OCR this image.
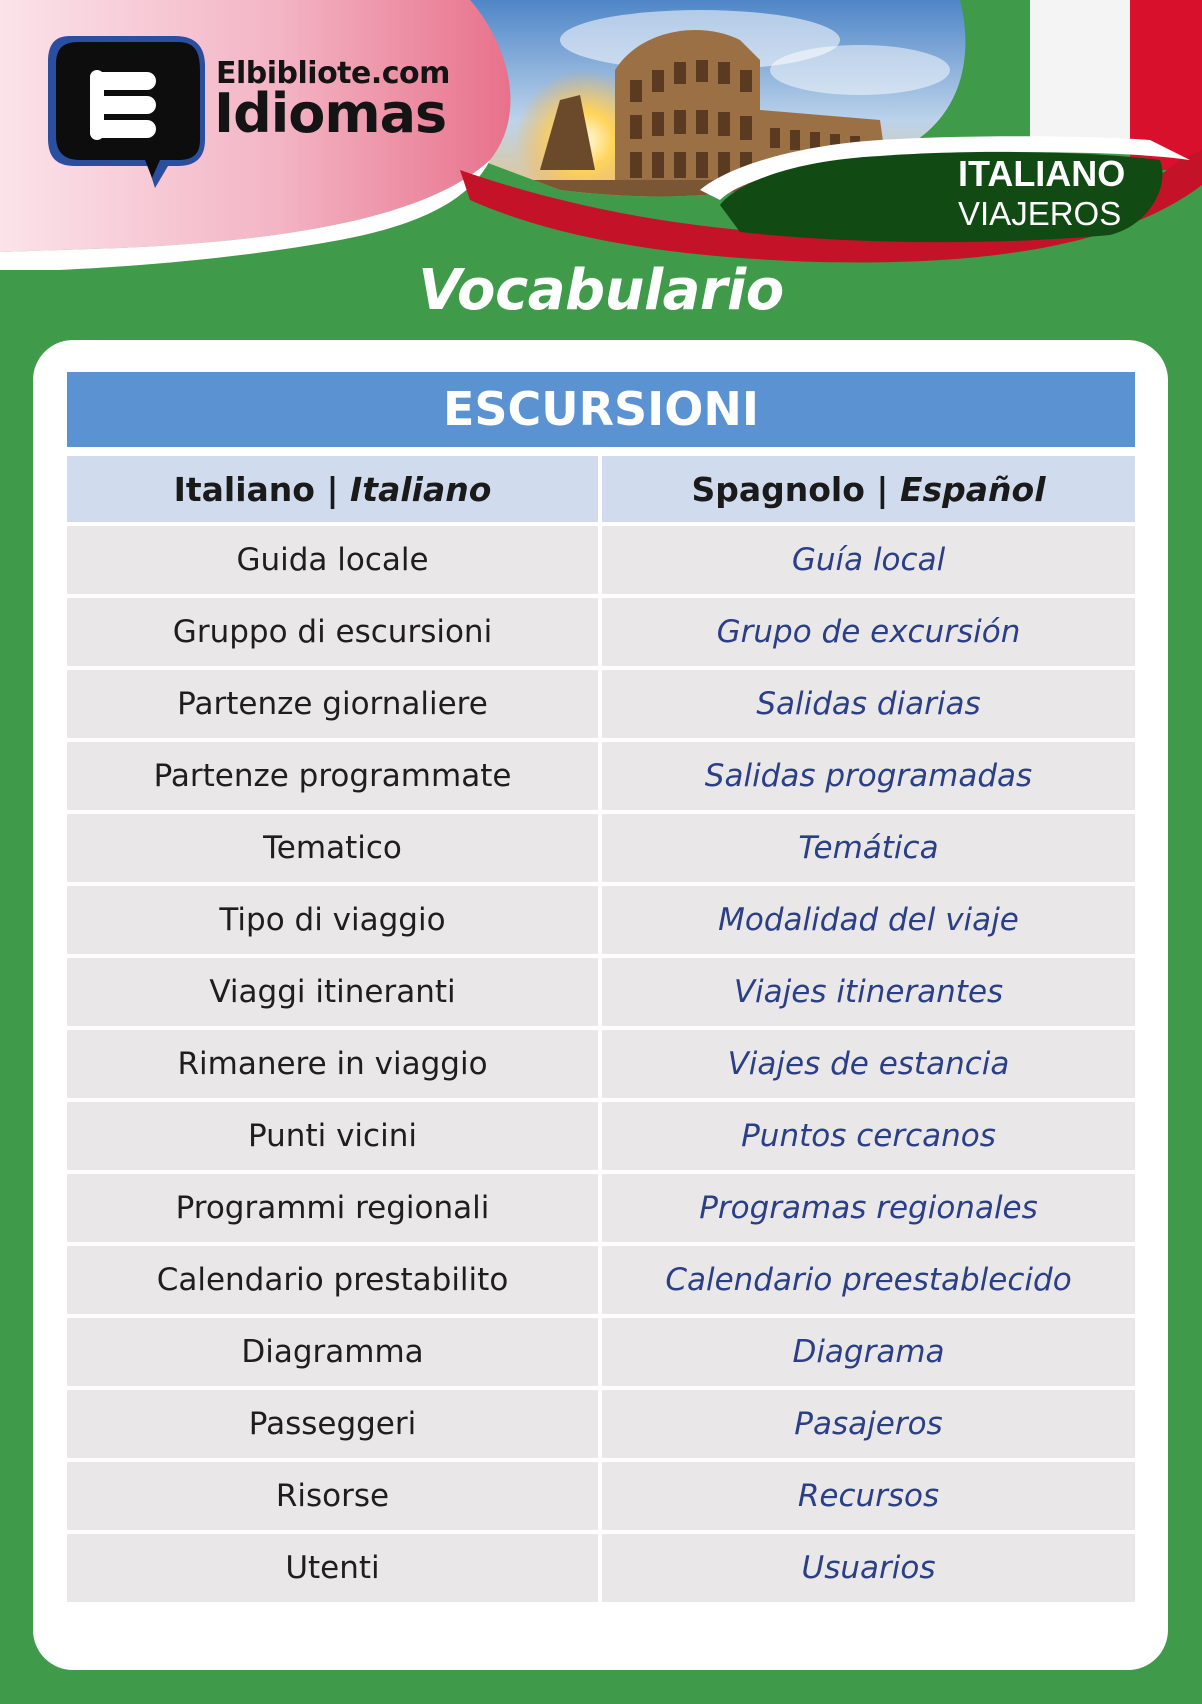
Elbibliote.com
Idiomas
ITALIANO
VIAJEROS
Vocabulario
ESCURSIONI
Italiano | Italiano	Spagnolo | Español
Guida locale	Guía local
Gruppo di escursioni	Grupo de excursión
Partenze giornaliere	Salidas diarias
Partenze programmate	Salidas programadas
Tematico	Temática
Tipo di viaggio	Modalidad del viaje
Viaggi itineranti	Viajes itinerantes
Rimanere in viaggio	Viajes de estancia
Punti vicini	Puntos cercanos
Programmi regionali	Programas regionales
Calendario prestabilito	Calendario preestablecido
Diagramma	Diagrama
Passeggeri	Pasajeros
Risorse	Recursos
Utenti	Usuarios
